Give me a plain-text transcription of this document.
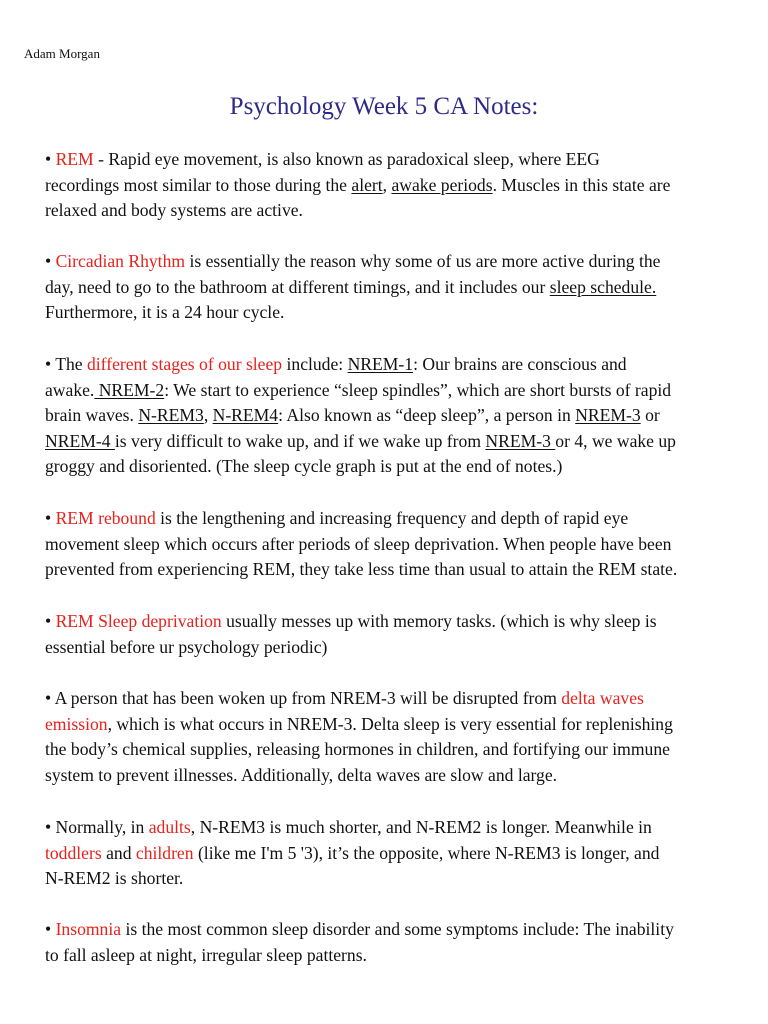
Adam Morgan
Psychology Week 5 CA Notes:
• REM - Rapid eye movement, is also known as paradoxical sleep, where EEG
recordings most similar to those during the alert, awake periods. Muscles in this state are
relaxed and body systems are active.
• Circadian Rhythm is essentially the reason why some of us are more active during the
day, need to go to the bathroom at different timings, and it includes our sleep schedule.
Furthermore, it is a 24 hour cycle.
• The different stages of our sleep include: NREM-1: Our brains are conscious and
awake. NREM-2: We start to experience “sleep spindles”, which are short bursts of rapid
brain waves. N-REM3, N-REM4: Also known as “deep sleep”, a person in NREM-3 or
NREM-4 is very difficult to wake up, and if we wake up from NREM-3 or 4, we wake up
groggy and disoriented. (The sleep cycle graph is put at the end of notes.)
• REM rebound is the lengthening and increasing frequency and depth of rapid eye
movement sleep which occurs after periods of sleep deprivation. When people have been
prevented from experiencing REM, they take less time than usual to attain the REM state.
• REM Sleep deprivation usually messes up with memory tasks. (which is why sleep is
essential before ur psychology periodic)
• A person that has been woken up from NREM-3 will be disrupted from delta waves
emission, which is what occurs in NREM-3. Delta sleep is very essential for replenishing
the body’s chemical supplies, releasing hormones in children, and fortifying our immune
system to prevent illnesses. Additionally, delta waves are slow and large.
• Normally, in adults, N-REM3 is much shorter, and N-REM2 is longer. Meanwhile in
toddlers and children (like me I'm 5 '3), it’s the opposite, where N-REM3 is longer, and
N-REM2 is shorter.
• Insomnia is the most common sleep disorder and some symptoms include: The inability
to fall asleep at night, irregular sleep patterns.
